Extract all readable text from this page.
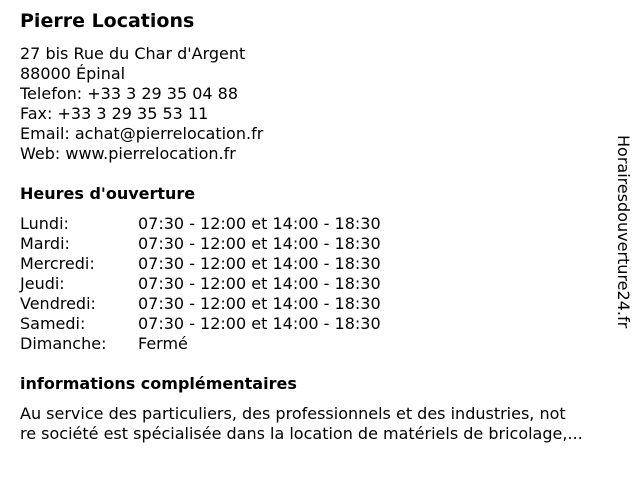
Pierre Locations
27 bis Rue du Char d'Argent
88000 Épinal
Telefon: +33 3 29 35 04 88
Fax: +33 3 29 35 53 11
Email: achat@pierrelocation.fr
Web: www.pierrelocation.fr
Heures d'ouverture
Lundi:	07:30 - 12:00 et 14:00 - 18:30
Mardi:	07:30 - 12:00 et 14:00 - 18:30
Mercredi:	07:30 - 12:00 et 14:00 - 18:30
Jeudi:	07:30 - 12:00 et 14:00 - 18:30
Vendredi:	07:30 - 12:00 et 14:00 - 18:30
Samedi:	07:30 - 12:00 et 14:00 - 18:30
Dimanche:	Fermé
informations complémentaires
Au service des particuliers, des professionnels et des industries, not
re société est spécialisée dans la location de matériels de bricolage,...
Horairesdouverture24.fr
